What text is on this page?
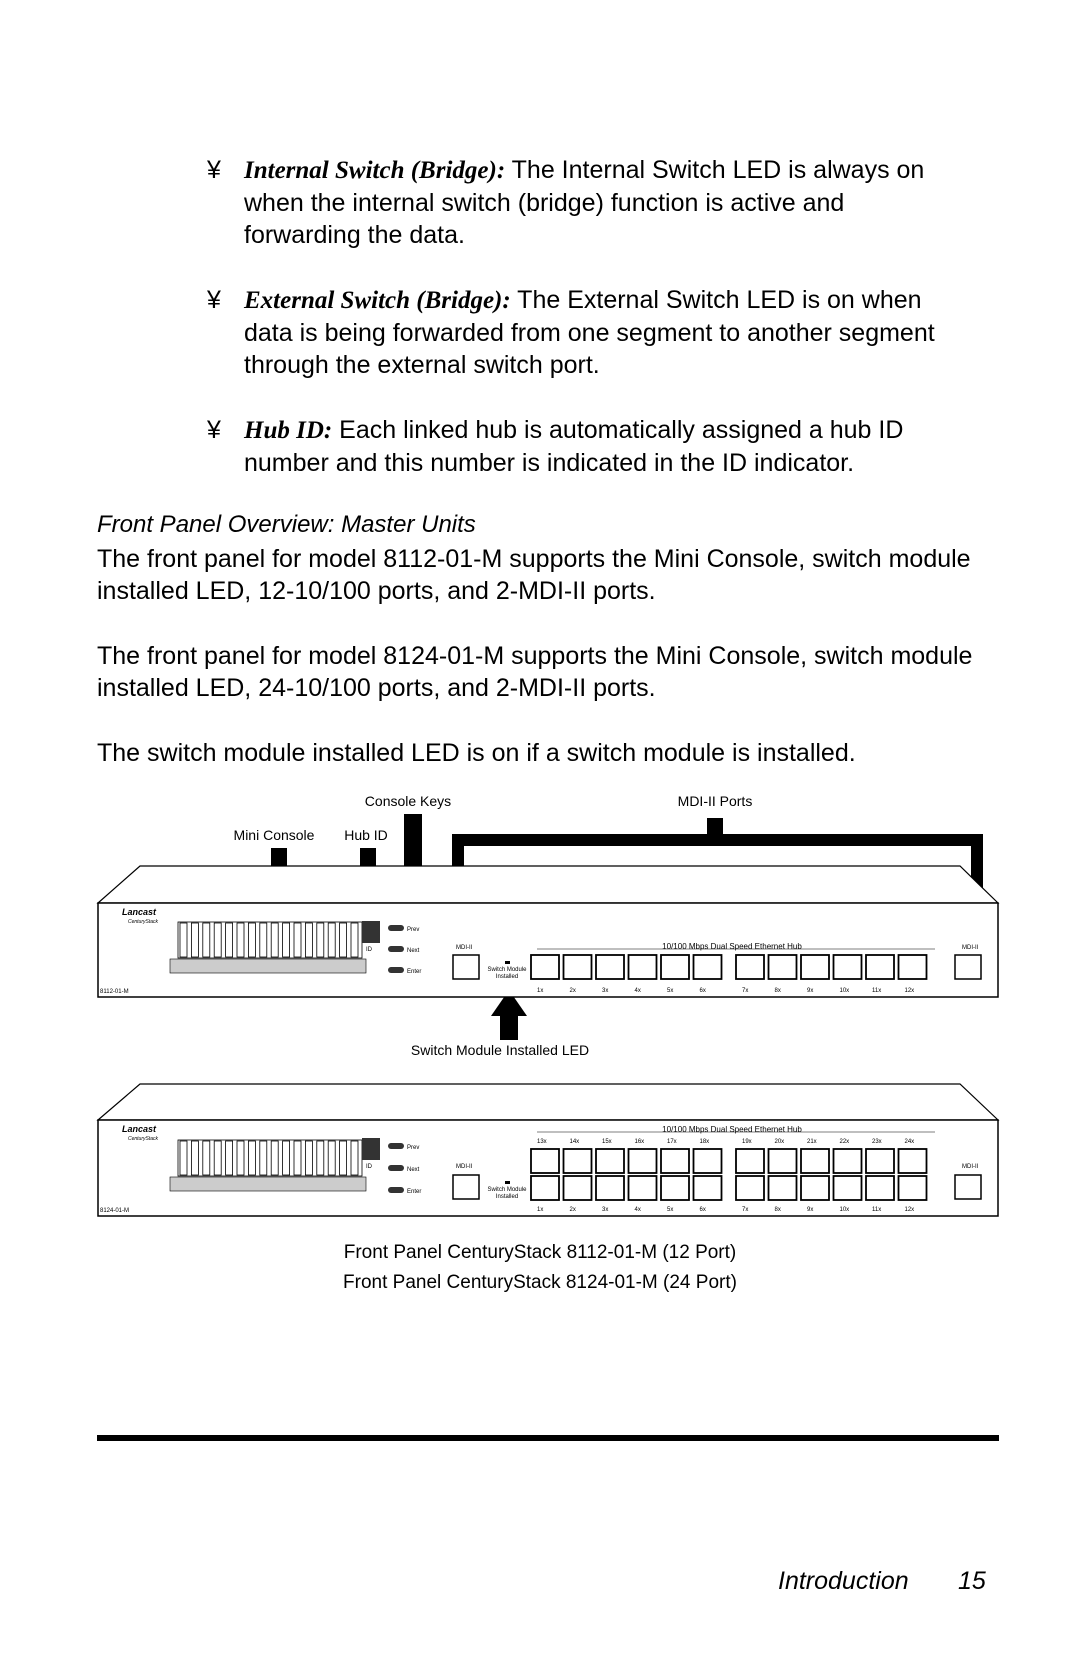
¥ Internal Switch (Bridge): The Internal Switch LED is always on when the internal switch (bridge) function is active and forwarding the data.
¥ External Switch (Bridge): The External Switch LED is on when data is being forwarded from one segment to another segment through the external switch port.
¥ Hub ID: Each linked hub is automatically assigned a hub ID number and this number is indicated in the ID indicator.
Front Panel Overview: Master Units
The front panel for model 8112-01-M supports the Mini Console, switch module installed LED, 12-10/100 ports, and 2-MDI-II ports.
The front panel for model 8124-01-M supports the Mini Console, switch module installed LED, 24-10/100 ports, and 2-MDI-II ports.
The switch module installed LED is on if a switch module is installed.
Console Keys	MDI-II Ports
Mini Console Hub ID
Switch Module Installed LED
Lancast
CenturyStack
8112-01-M
ID
Prev
Next
Enter
MDI-II	MDI-II
Switch Module
Installed
10/100 Mbps Dual Speed Ethernet Hub
1x	2x	3x	4x	5x	6x	7x	8x	9x	10x	11x	12x
Lancast
CenturyStack
8124-01-M
ID
Prev
Next
Enter
MDI-II	MDI-II
Switch Module
Installed
10/100 Mbps Dual Speed Ethernet Hub
13x	14x	15x	16x	17x	18x	19x	20x	21x	22x	23x	24x
1x	2x	3x	4x	5x	6x	7x	8x	9x	10x	11x	12x
Front Panel CenturyStack 8112-01-M (12 Port)
Front Panel CenturyStack 8124-01-M (24 Port)
Introduction 15
